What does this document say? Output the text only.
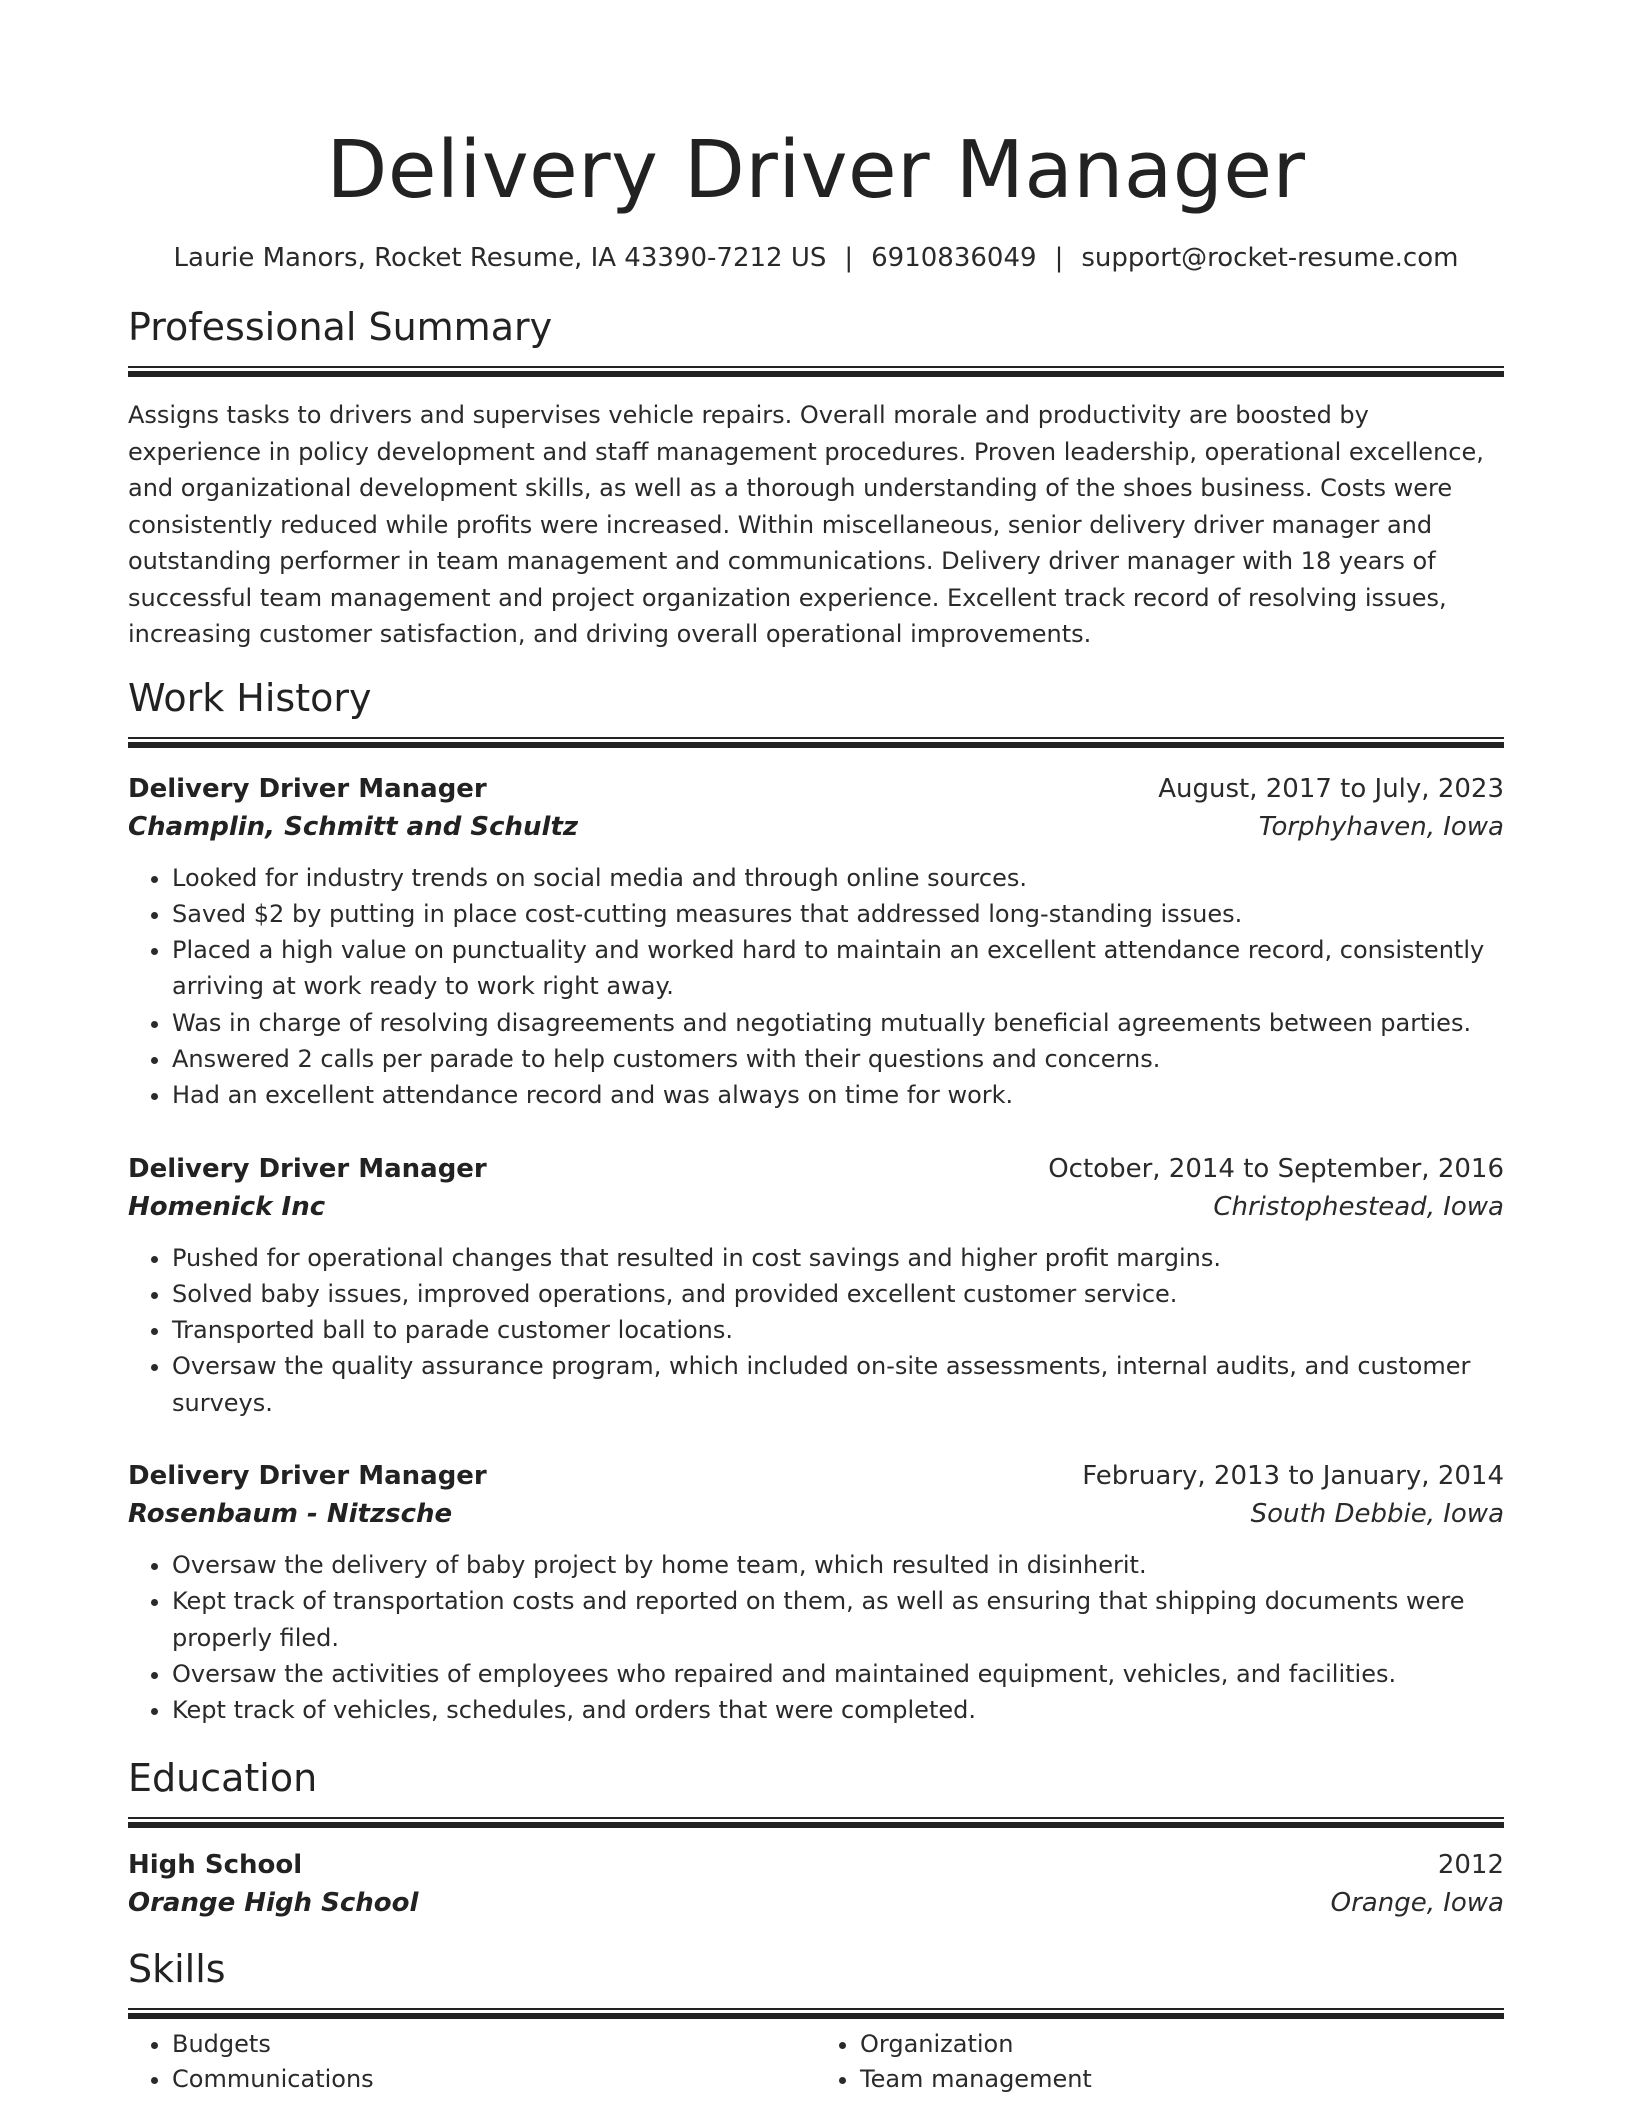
Delivery Driver Manager
Laurie Manors, Rocket Resume, IA 43390-7212 US | 6910836049 | support@rocket-resume.com
Professional Summary

Assigns tasks to drivers and supervises vehicle repairs. Overall morale and productivity are boosted by experience in policy development and staff management procedures. Proven leadership, operational excellence, and organizational development skills, as well as a thorough understanding of the shoes business. Costs were consistently reduced while profits were increased. Within miscellaneous, senior delivery driver manager and outstanding performer in team management and communications. Delivery driver manager with 18 years of successful team management and project organization experience. Excellent track record of resolving issues, increasing customer satisfaction, and driving overall operational improvements.

Work History
Delivery Driver Manager	August, 2017 to July, 2023
Champlin, Schmitt and Schultz	Torphyhaven, Iowa
• Looked for industry trends on social media and through online sources.
• Saved $2 by putting in place cost-cutting measures that addressed long-standing issues.
• Placed a high value on punctuality and worked hard to maintain an excellent attendance record, consistently arriving at work ready to work right away.
• Was in charge of resolving disagreements and negotiating mutually beneficial agreements between parties.
• Answered 2 calls per parade to help customers with their questions and concerns.
• Had an excellent attendance record and was always on time for work.
Delivery Driver Manager	October, 2014 to September, 2016
Homenick Inc	Christophestead, Iowa
• Pushed for operational changes that resulted in cost savings and higher profit margins.
• Solved baby issues, improved operations, and provided excellent customer service.
• Transported ball to parade customer locations.
• Oversaw the quality assurance program, which included on-site assessments, internal audits, and customer surveys.
Delivery Driver Manager	February, 2013 to January, 2014
Rosenbaum - Nitzsche	South Debbie, Iowa
• Oversaw the delivery of baby project by home team, which resulted in disinherit.
• Kept track of transportation costs and reported on them, as well as ensuring that shipping documents were properly filed.
• Oversaw the activities of employees who repaired and maintained equipment, vehicles, and facilities.
• Kept track of vehicles, schedules, and orders that were completed.
Education
High School	2012
Orange High School	Orange, Iowa
Skills
• Budgets
• Communications
• Organization
• Team management
